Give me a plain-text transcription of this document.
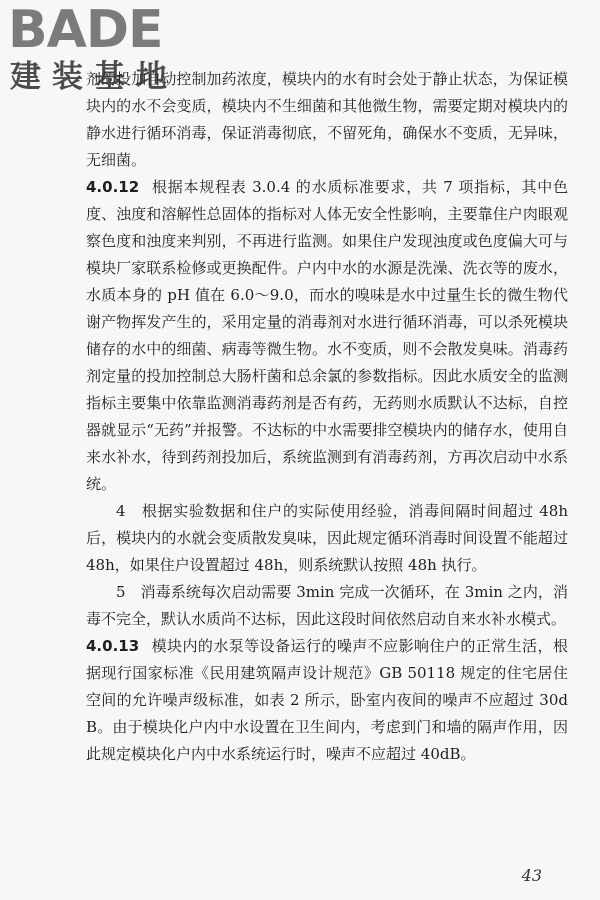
BADE
建装基地

剂的投加自动控制加药浓度，模块内的水有时会处于静止状态，为保证模块内的水不会变质，模块内不生细菌和其他微生物，需要定期对模块内的静水进行循环消毒，保证消毒彻底，不留死角，确保水不变质，无异味，无细菌。

4.0.12 根据本规程表 3.0.4 的水质标准要求，共 7 项指标，其中色度、浊度和溶解性总固体的指标对人体无安全性影响，主要靠住户肉眼观察色度和浊度来判别，不再进行监测。如果住户发现浊度或色度偏大可与模块厂家联系检修或更换配件。户内中水的水源是洗澡、洗衣等的废水，水质本身的 pH 值在 6.0～9.0，而水的嗅味是水中过量生长的微生物代谢产物挥发产生的，采用定量的消毒剂对水进行循环消毒，可以杀死模块储存的水中的细菌、病毒等微生物。水不变质，则不会散发臭味。消毒药剂定量的投加控制总大肠杆菌和总余氯的参数指标。因此水质安全的监测指标主要集中依靠监测消毒药剂是否有药，无药则水质默认不达标，自控器就显示“无药”并报警。不达标的中水需要排空模块内的储存水，使用自来水补水，待到药剂投加后，系统监测到有消毒药剂，方再次启动中水系统。

4　根据实验数据和住户的实际使用经验，消毒间隔时间超过 48h 后，模块内的水就会变质散发臭味，因此规定循环消毒时间设置不能超过 48h，如果住户设置超过 48h，则系统默认按照 48h 执行。

5　消毒系统每次启动需要 3min 完成一次循环，在 3min 之内，消毒不完全，默认水质尚不达标，因此这段时间依然启动自来水补水模式。

4.0.13 模块内的水泵等设备运行的噪声不应影响住户的正常生活，根据现行国家标准《民用建筑隔声设计规范》GB 50118 规定的住宅居住空间的允许噪声级标准，如表 2 所示，卧室内夜间的噪声不应超过 30dB。由于模块化户内中水设置在卫生间内，考虑到门和墙的隔声作用，因此规定模块化户内中水系统运行时，噪声不应超过 40dB。

43
